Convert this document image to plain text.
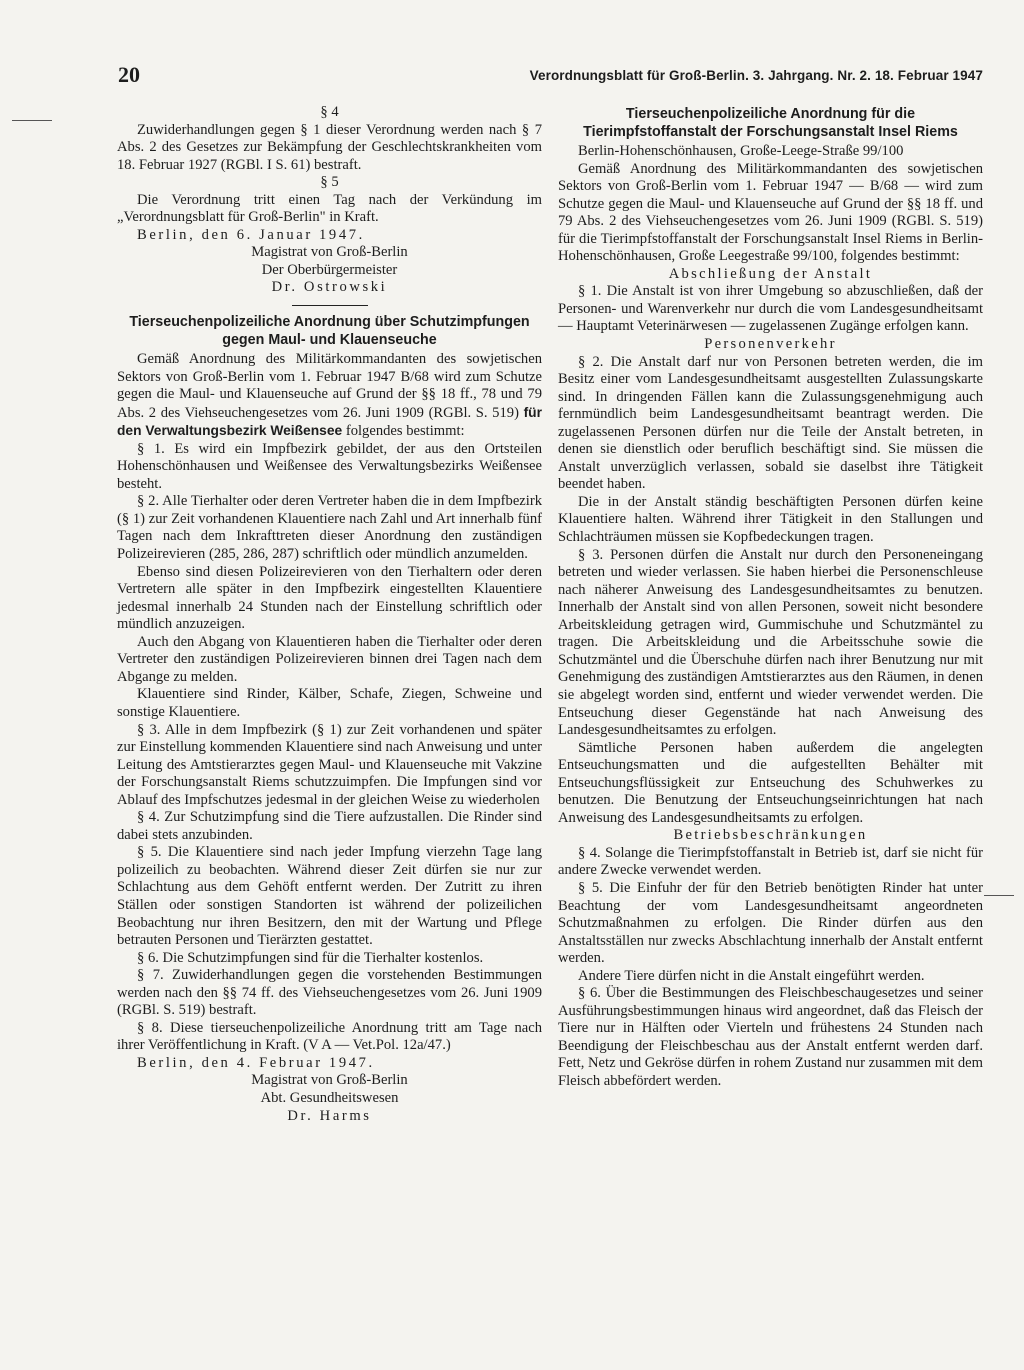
20	Verordnungsblatt für Groß-Berlin. 3. Jahrgang. Nr. 2. 18. Februar 1947

§ 4

Zuwiderhandlungen gegen § 1 dieser Verordnung werden nach § 7 Abs. 2 des Gesetzes zur Bekämpfung der Geschlechtskrankheiten vom 18. Februar 1927 (RGBl. I S. 61) bestraft.

§ 5

Die Verordnung tritt einen Tag nach der Verkündung im „Verordnungsblatt für Groß-Berlin" in Kraft.

Berlin, den 6. Januar 1947.

Magistrat von Groß-Berlin

Der Oberbürgermeister

Dr. Ostrowski

Tierseuchenpolizeiliche Anordnung über Schutzimpfungen gegen Maul- und Klauenseuche

Gemäß Anordnung des Militärkommandanten des sowjetischen Sektors von Groß-Berlin vom 1. Februar 1947 B/68 wird zum Schutze gegen die Maul- und Klauenseuche auf Grund der §§ 18 ff., 78 und 79 Abs. 2 des Viehseuchengesetzes vom 26. Juni 1909 (RGBl. S. 519) für den Verwaltungsbezirk Weißensee folgendes bestimmt:

§ 1. Es wird ein Impfbezirk gebildet, der aus den Ortsteilen Hohenschönhausen und Weißensee des Verwaltungsbezirks Weißensee besteht.

§ 2. Alle Tierhalter oder deren Vertreter haben die in dem Impfbezirk (§ 1) zur Zeit vorhandenen Klauentiere nach Zahl und Art innerhalb fünf Tagen nach dem Inkrafttreten dieser Anordnung den zuständigen Polizeirevieren (285, 286, 287) schriftlich oder mündlich anzumelden.

Ebenso sind diesen Polizeirevieren von den Tierhaltern oder deren Vertretern alle später in den Impfbezirk eingestellten Klauentiere jedesmal innerhalb 24 Stunden nach der Einstellung schriftlich oder mündlich anzuzeigen.

Auch den Abgang von Klauentieren haben die Tierhalter oder deren Vertreter den zuständigen Polizeirevieren binnen drei Tagen nach dem Abgange zu melden.

Klauentiere sind Rinder, Kälber, Schafe, Ziegen, Schweine und sonstige Klauentiere.

§ 3. Alle in dem Impfbezirk (§ 1) zur Zeit vorhandenen und später zur Einstellung kommenden Klauentiere sind nach Anweisung und unter Leitung des Amtstierarztes gegen Maul- und Klauenseuche mit Vakzine der Forschungsanstalt Riems schutzzuimpfen. Die Impfungen sind vor Ablauf des Impfschutzes jedesmal in der gleichen Weise zu wiederholen

§ 4. Zur Schutzimpfung sind die Tiere aufzustallen. Die Rinder sind dabei stets anzubinden.

§ 5. Die Klauentiere sind nach jeder Impfung vierzehn Tage lang polizeilich zu beobachten. Während dieser Zeit dürfen sie nur zur Schlachtung aus dem Gehöft entfernt werden. Der Zutritt zu ihren Ställen oder sonstigen Standorten ist während der polizeilichen Beobachtung nur ihren Besitzern, den mit der Wartung und Pflege betrauten Personen und Tierärzten gestattet.

§ 6. Die Schutzimpfungen sind für die Tierhalter kostenlos.

§ 7. Zuwiderhandlungen gegen die vorstehenden Bestimmungen werden nach den §§ 74 ff. des Viehseuchengesetzes vom 26. Juni 1909 (RGBl. S. 519) bestraft.

§ 8. Diese tierseuchenpolizeiliche Anordnung tritt am Tage nach ihrer Veröffentlichung in Kraft. (V A — Vet.Pol. 12a/47.)

Berlin, den 4. Februar 1947.

Magistrat von Groß-Berlin

Abt. Gesundheitswesen

Dr. Harms

Tierseuchenpolizeiliche Anordnung für die Tierimpfstoffanstalt der Forschungsanstalt Insel Riems

Berlin-Hohenschönhausen, Große-Leege-Straße 99/100

Gemäß Anordnung des Militärkommandanten des sowjetischen Sektors von Groß-Berlin vom 1. Februar 1947 — B/68 — wird zum Schutze gegen die Maul- und Klauenseuche auf Grund der §§ 18 ff. und 79 Abs. 2 des Viehseuchengesetzes vom 26. Juni 1909 (RGBl. S. 519) für die Tierimpfstoffanstalt der Forschungsanstalt Insel Riems in Berlin-Hohenschönhausen, Große Leegestraße 99/100, folgendes bestimmt:

Abschließung der Anstalt

§ 1. Die Anstalt ist von ihrer Umgebung so abzuschließen, daß der Personen- und Warenverkehr nur durch die vom Landesgesundheitsamt — Hauptamt Veterinärwesen — zugelassenen Zugänge erfolgen kann.

Personenverkehr

§ 2. Die Anstalt darf nur von Personen betreten werden, die im Besitz einer vom Landesgesundheitsamt ausgestellten Zulassungskarte sind. In dringenden Fällen kann die Zulassungsgenehmigung auch fernmündlich beim Landesgesundheitsamt beantragt werden. Die zugelassenen Personen dürfen nur die Teile der Anstalt betreten, in denen sie dienstlich oder beruflich beschäftigt sind. Sie müssen die Anstalt unverzüglich verlassen, sobald sie daselbst ihre Tätigkeit beendet haben.

Die in der Anstalt ständig beschäftigten Personen dürfen keine Klauentiere halten. Während ihrer Tätigkeit in den Stallungen und Schlachträumen müssen sie Kopfbedeckungen tragen.

§ 3. Personen dürfen die Anstalt nur durch den Personeneingang betreten und wieder verlassen. Sie haben hierbei die Personenschleuse nach näherer Anweisung des Landesgesundheitsamtes zu benutzen. Innerhalb der Anstalt sind von allen Personen, soweit nicht besondere Arbeitskleidung getragen wird, Gummischuhe und Schutzmäntel zu tragen. Die Arbeitskleidung und die Arbeitsschuhe sowie die Schutzmäntel und die Überschuhe dürfen nach ihrer Benutzung nur mit Genehmigung des zuständigen Amtstierarztes aus den Räumen, in denen sie abgelegt worden sind, entfernt und wieder verwendet werden. Die Entseuchung dieser Gegenstände hat nach Anweisung des Landesgesundheitsamtes zu erfolgen.

Sämtliche Personen haben außerdem die angelegten Entseuchungsmatten und die aufgestellten Behälter mit Entseuchungsflüssigkeit zur Entseuchung des Schuhwerkes zu benutzen. Die Benutzung der Entseuchungseinrichtungen hat nach Anweisung des Landesgesundheitsamts zu erfolgen.

Betriebsbeschränkungen

§ 4. Solange die Tierimpfstoffanstalt in Betrieb ist, darf sie nicht für andere Zwecke verwendet werden.

§ 5. Die Einfuhr der für den Betrieb benötigten Rinder hat unter Beachtung der vom Landesgesundheitsamt angeordneten Schutzmaßnahmen zu erfolgen. Die Rinder dürfen aus den Anstaltsställen nur zwecks Abschlachtung innerhalb der Anstalt entfernt werden.

Andere Tiere dürfen nicht in die Anstalt eingeführt werden.

§ 6. Über die Bestimmungen des Fleischbeschaugesetzes und seiner Ausführungsbestimmungen hinaus wird angeordnet, daß das Fleisch der Tiere nur in Hälften oder Vierteln und frühestens 24 Stunden nach Beendigung der Fleischbeschau aus der Anstalt entfernt werden darf. Fett, Netz und Gekröse dürfen in rohem Zustand nur zusammen mit dem Fleisch abbefördert werden.
